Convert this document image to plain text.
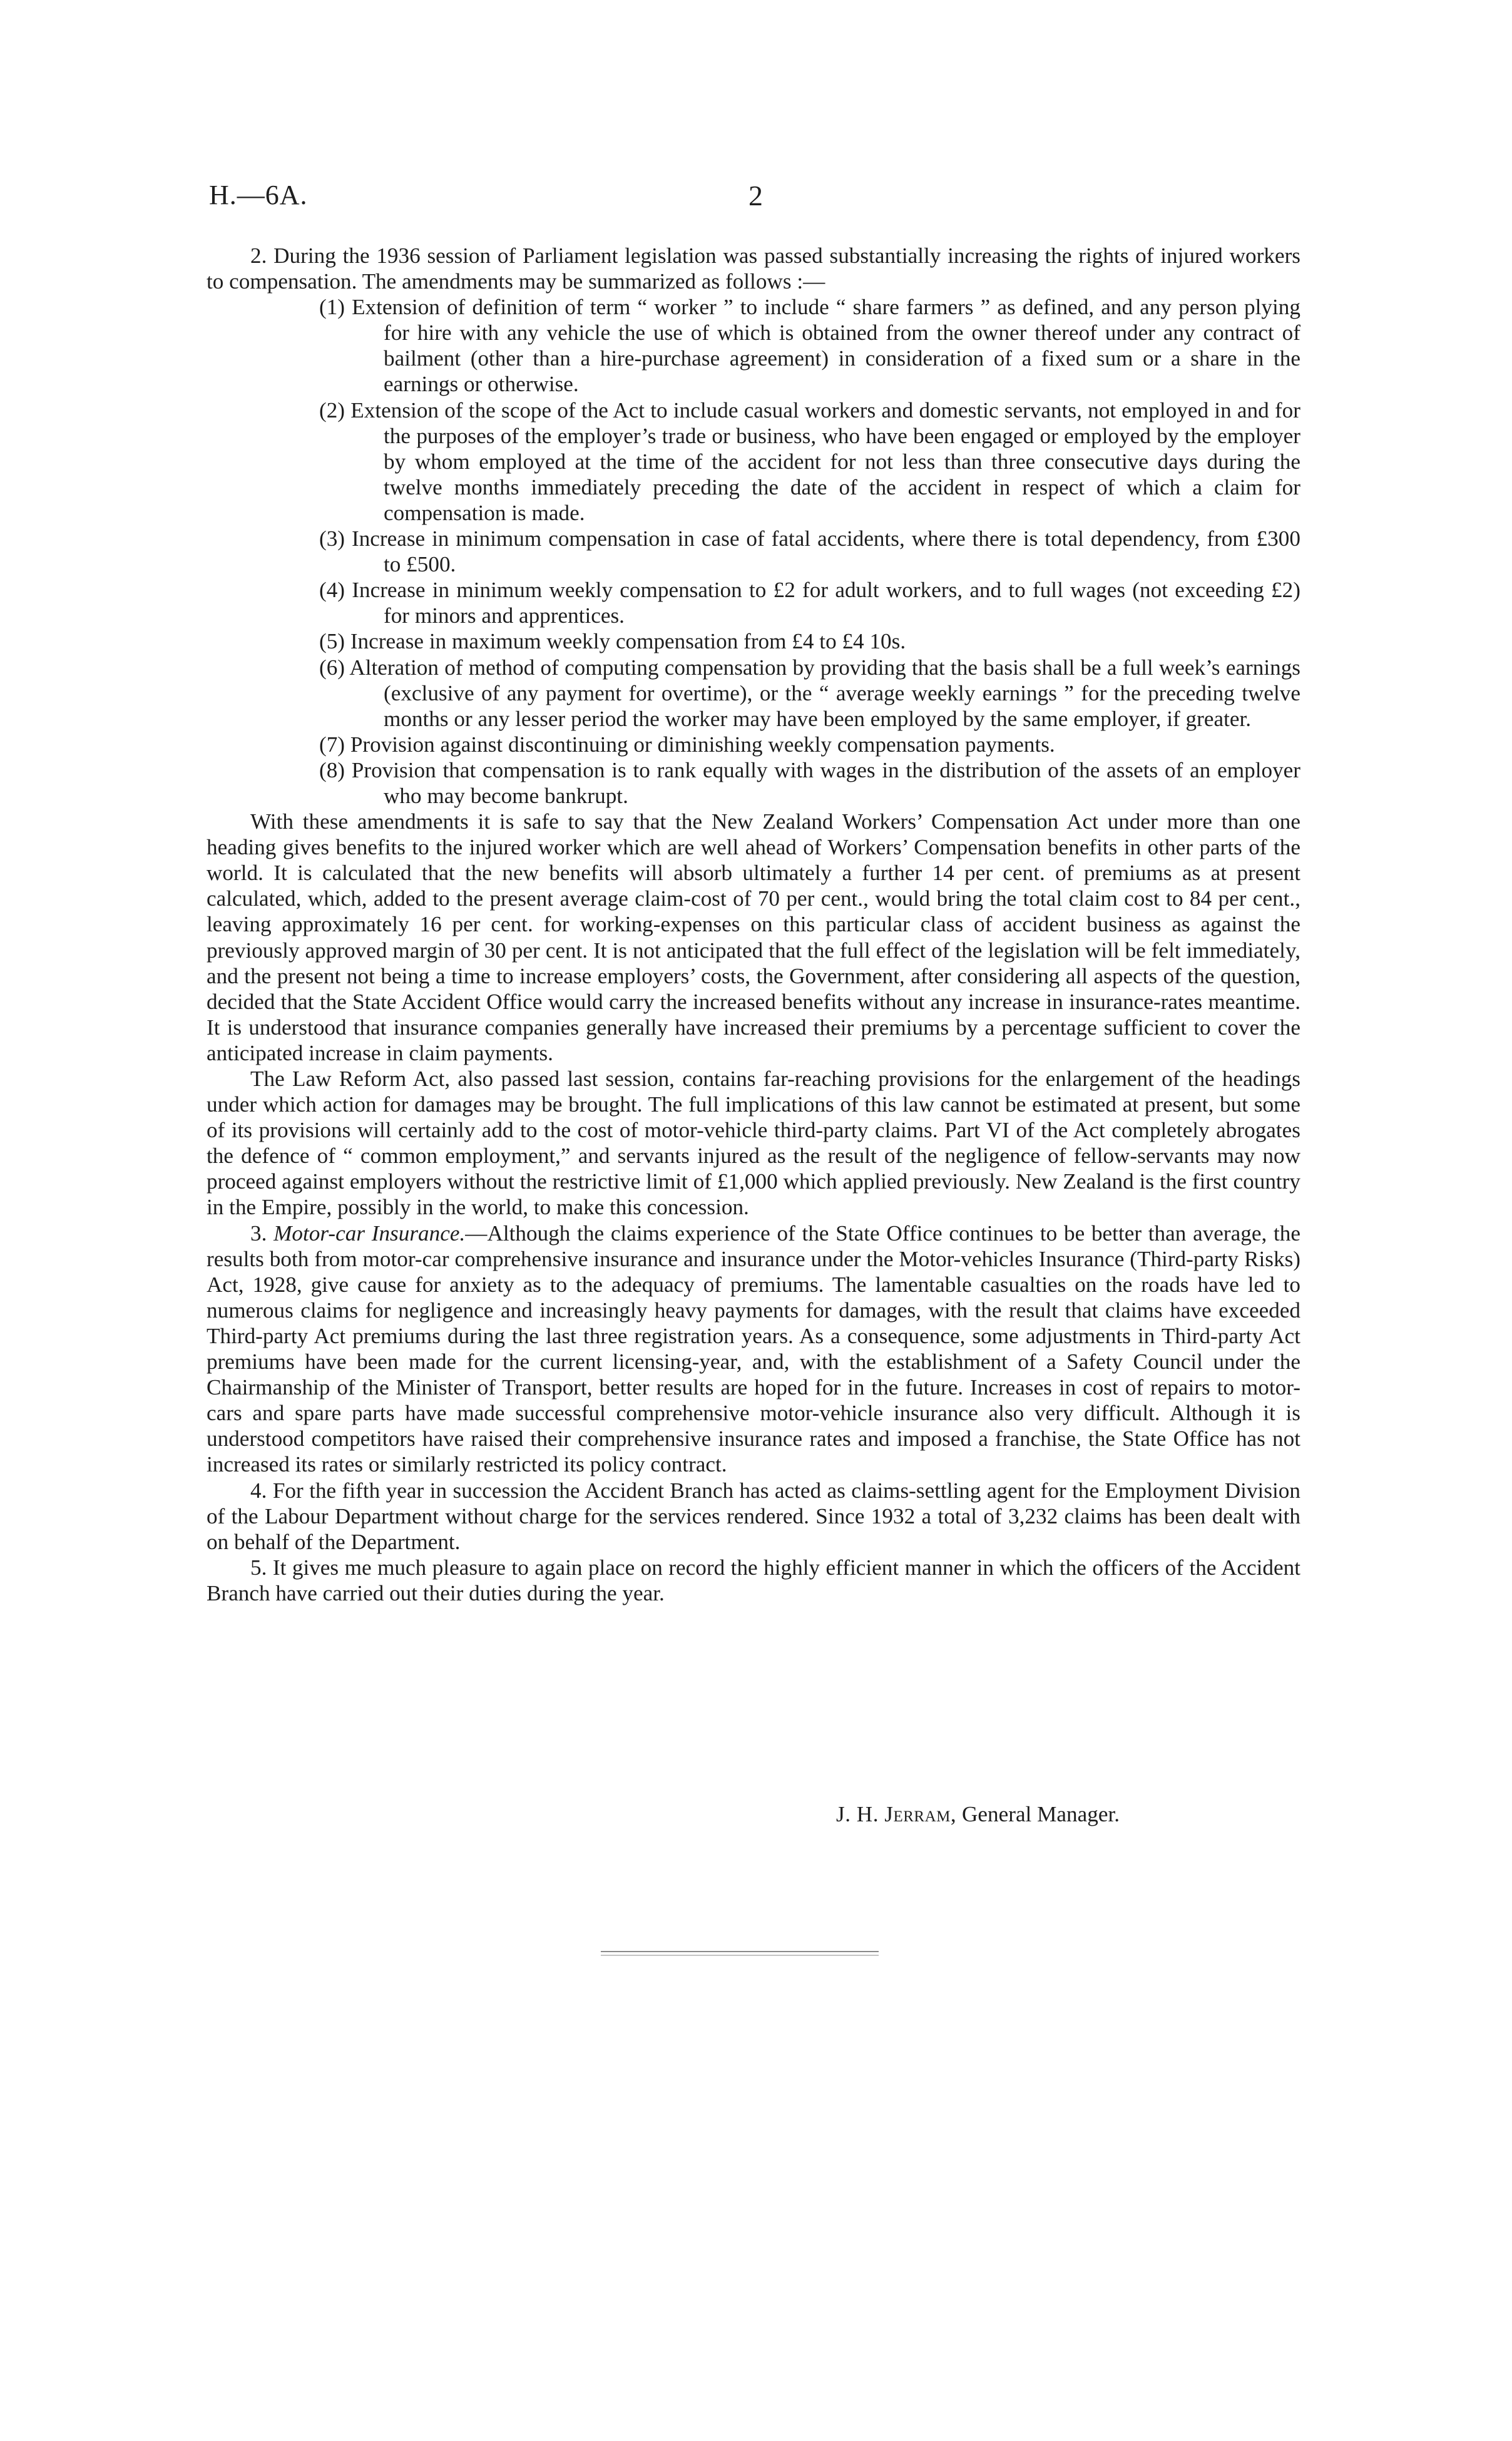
H.—6A.	2

2. During the 1936 session of Parliament legislation was passed substantially increasing the rights of injured workers to compensation. The amendments may be summarized as follows :—

(1) Extension of definition of term “ worker ” to include “ share farmers ” as defined, and any person plying for hire with any vehicle the use of which is obtained from the owner thereof under any contract of bailment (other than a hire-purchase agreement) in consideration of a fixed sum or a share in the earnings or otherwise.

(2) Extension of the scope of the Act to include casual workers and domestic servants, not employed in and for the purposes of the employer’s trade or business, who have been engaged or employed by the employer by whom employed at the time of the accident for not less than three consecutive days during the twelve months immediately preceding the date of the accident in respect of which a claim for compensation is made.

(3) Increase in minimum compensation in case of fatal accidents, where there is total dependency, from £300 to £500.

(4) Increase in minimum weekly compensation to £2 for adult workers, and to full wages (not exceeding £2) for minors and apprentices.

(5) Increase in maximum weekly compensation from £4 to £4 10s.

(6) Alteration of method of computing compensation by providing that the basis shall be a full week’s earnings (exclusive of any payment for overtime), or the “ average weekly earnings ” for the preceding twelve months or any lesser period the worker may have been employed by the same employer, if greater.

(7) Provision against discontinuing or diminishing weekly compensation payments.

(8) Provision that compensation is to rank equally with wages in the distribution of the assets of an employer who may become bankrupt.

With these amendments it is safe to say that the New Zealand Workers’ Compensation Act under more than one heading gives benefits to the injured worker which are well ahead of Workers’ Compensation benefits in other parts of the world. It is calculated that the new benefits will absorb ultimately a further 14 per cent. of premiums as at present calculated, which, added to the present average claim-cost of 70 per cent., would bring the total claim cost to 84 per cent., leaving approximately 16 per cent. for working-expenses on this particular class of accident business as against the previously approved margin of 30 per cent. It is not anticipated that the full effect of the legislation will be felt immediately, and the present not being a time to increase employers’ costs, the Government, after considering all aspects of the question, decided that the State Accident Office would carry the increased benefits without any increase in insurance-rates meantime. It is understood that insurance companies generally have increased their premiums by a percentage sufficient to cover the anticipated increase in claim payments.

The Law Reform Act, also passed last session, contains far-reaching provisions for the enlargement of the headings under which action for damages may be brought. The full implications of this law cannot be estimated at present, but some of its provisions will certainly add to the cost of motor-vehicle third-party claims. Part VI of the Act completely abrogates the defence of “ common employment,” and servants injured as the result of the negligence of fellow-servants may now proceed against employers without the restrictive limit of £1,000 which applied previously. New Zealand is the first country in the Empire, possibly in the world, to make this concession.

3. Motor-car Insurance.—Although the claims experience of the State Office continues to be better than average, the results both from motor-car comprehensive insurance and insurance under the Motor-vehicles Insurance (Third-party Risks) Act, 1928, give cause for anxiety as to the adequacy of premiums. The lamentable casualties on the roads have led to numerous claims for negligence and increasingly heavy payments for damages, with the result that claims have exceeded Third-party Act premiums during the last three registration years. As a consequence, some adjustments in Third-party Act premiums have been made for the current licensing-year, and, with the establishment of a Safety Council under the Chairmanship of the Minister of Transport, better results are hoped for in the future. Increases in cost of repairs to motor-cars and spare parts have made successful comprehensive motor-vehicle insurance also very difficult. Although it is understood competitors have raised their comprehensive insurance rates and imposed a franchise, the State Office has not increased its rates or similarly restricted its policy contract.

4. For the fifth year in succession the Accident Branch has acted as claims-settling agent for the Employment Division of the Labour Department without charge for the services rendered. Since 1932 a total of 3,232 claims has been dealt with on behalf of the Department.

5. It gives me much pleasure to again place on record the highly efficient manner in which the officers of the Accident Branch have carried out their duties during the year.

J. H. Jerram, General Manager.
